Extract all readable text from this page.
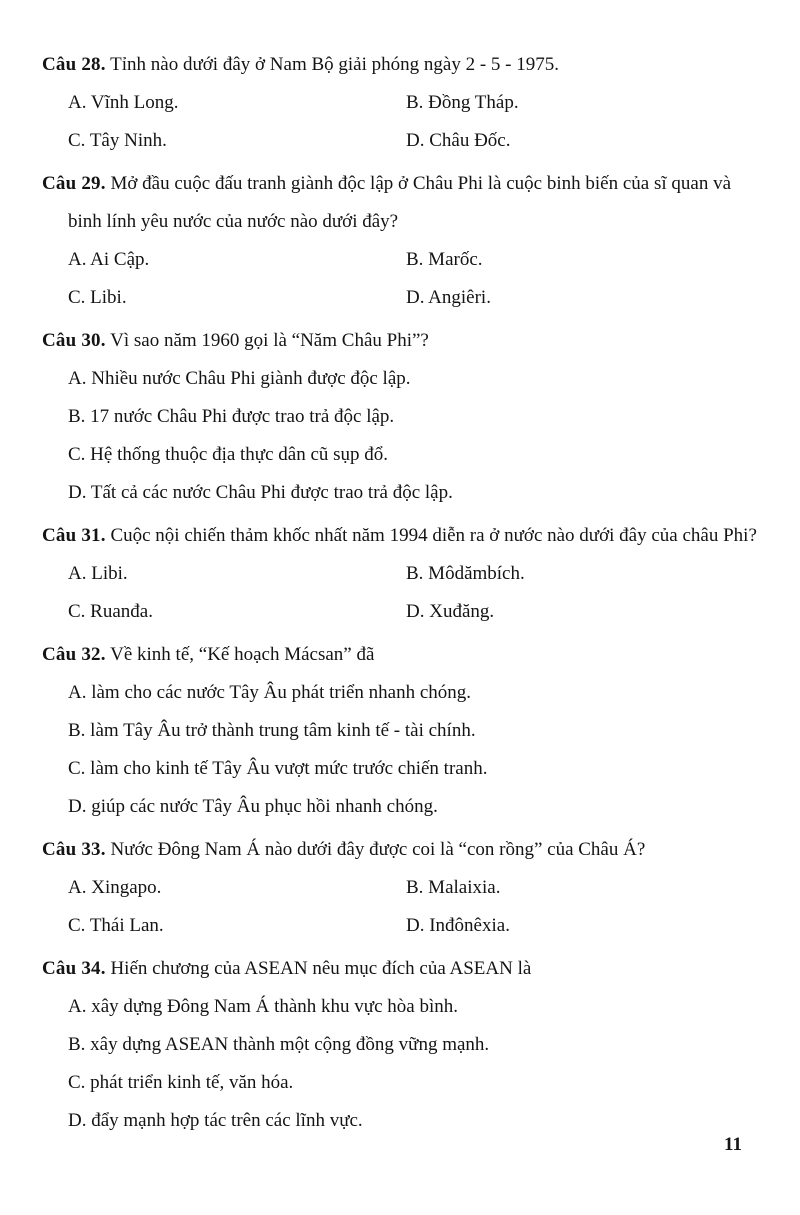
Câu 28. Tỉnh nào dưới đây ở Nam Bộ giải phóng ngày 2 - 5 - 1975.

A. Vĩnh Long.	B. Đồng Tháp.
C. Tây Ninh.	D. Châu Đốc.

Câu 29. Mở đầu cuộc đấu tranh giành độc lập ở Châu Phi là cuộc binh biến của sĩ quan và binh lính yêu nước của nước nào dưới đây?

A. Ai Cập.	B. Marốc.
C. Libi.	D. Angiêri.

Câu 30. Vì sao năm 1960 gọi là “Năm Châu Phi”?

A. Nhiều nước Châu Phi giành được độc lập.
B. 17 nước Châu Phi được trao trả độc lập.
C. Hệ thống thuộc địa thực dân cũ sụp đổ.
D. Tất cả các nước Châu Phi được trao trả độc lập.

Câu 31. Cuộc nội chiến thảm khốc nhất năm 1994 diễn ra ở nước nào dưới đây của châu Phi?

A. Libi.	B. Môdămbích.
C. Ruanđa.	D. Xuđăng.

Câu 32. Về kinh tế, “Kế hoạch Mácsan” đã

A. làm cho các nước Tây Âu phát triển nhanh chóng.
B. làm Tây Âu trở thành trung tâm kinh tế - tài chính.
C. làm cho kinh tế Tây Âu vượt mức trước chiến tranh.
D. giúp các nước Tây Âu phục hồi nhanh chóng.

Câu 33. Nước Đông Nam Á nào dưới đây được coi là “con rồng” của Châu Á?

A. Xingapo.	B. Malaixia.
C. Thái Lan.	D. Inđônêxia.

Câu 34. Hiến chương của ASEAN nêu mục đích của ASEAN là

A. xây dựng Đông Nam Á thành khu vực hòa bình.
B. xây dựng ASEAN thành một cộng đồng vững mạnh.
C. phát triển kinh tế, văn hóa.
D. đẩy mạnh hợp tác trên các lĩnh vực.
11
